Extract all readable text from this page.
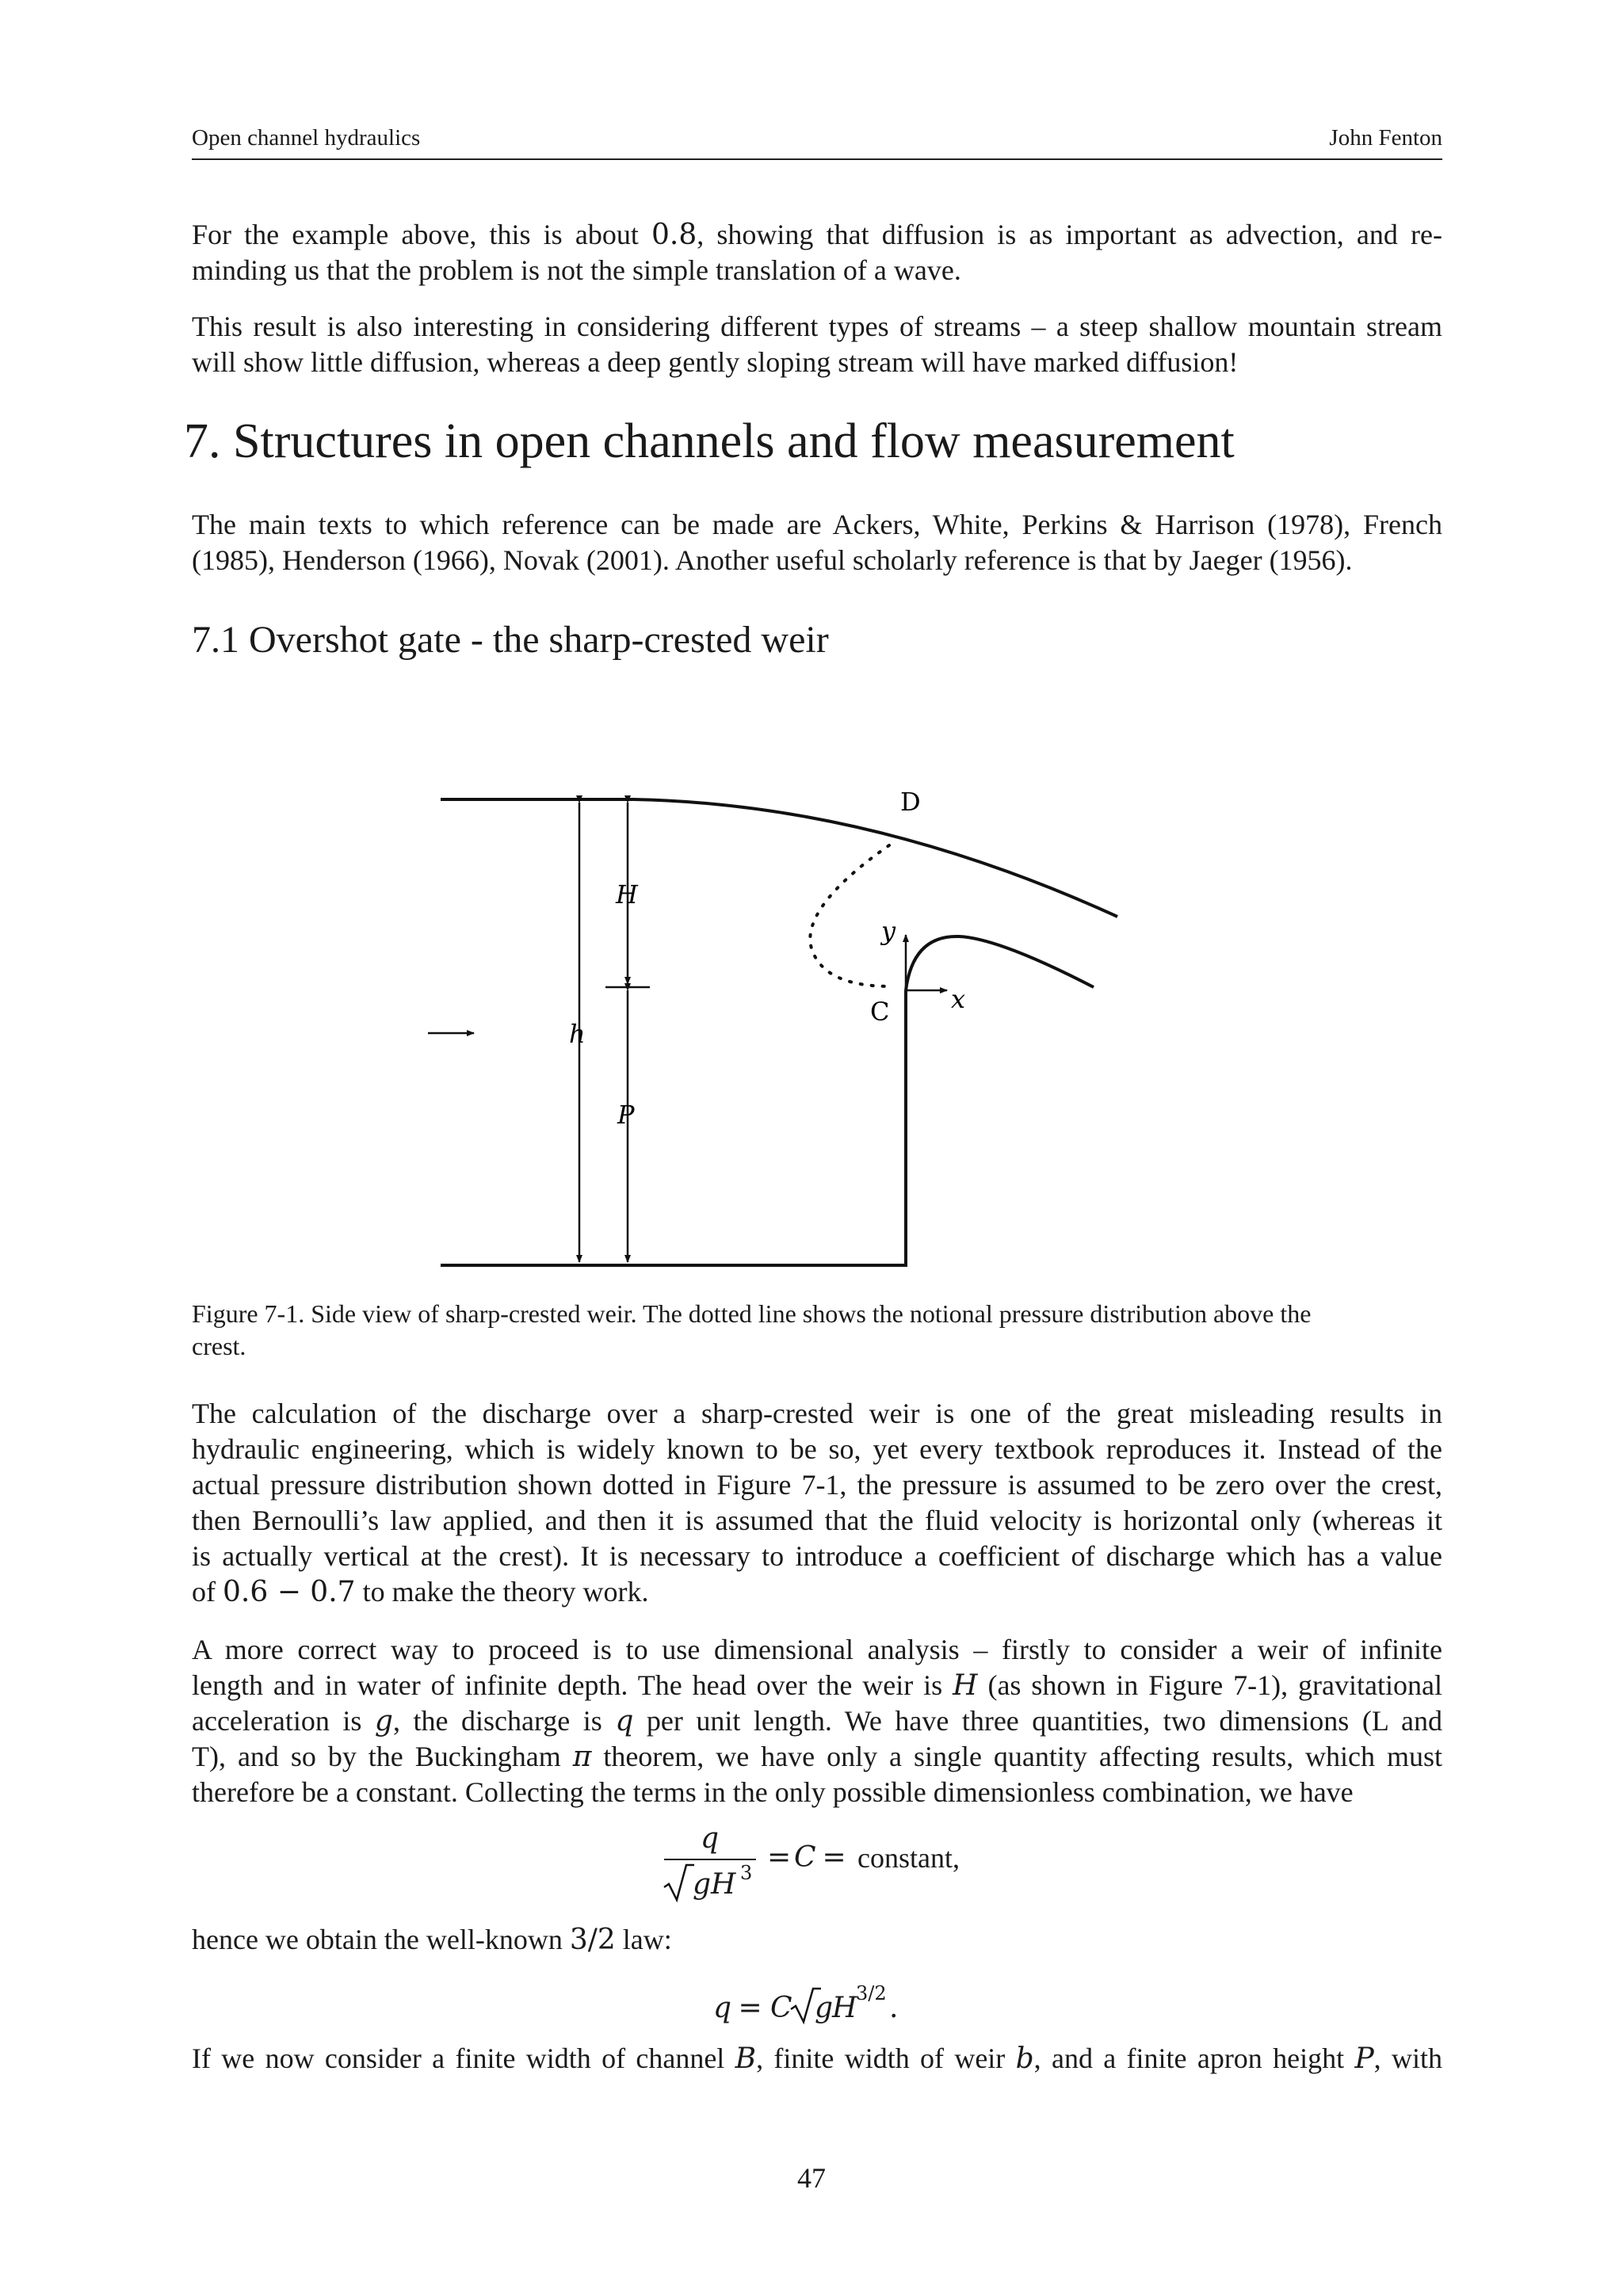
Open channel hydraulics	John Fenton
For the example above, this is about 0.8, showing that diffusion is as important as advection, and re-
minding us that the problem is not the simple translation of a wave.
This result is also interesting in considering different types of streams – a steep shallow mountain stream
will show little diffusion, whereas a deep gently sloping stream will have marked diffusion!
7. Structures in open channels and flow measurement
The main texts to which reference can be made are Ackers, White, Perkins & Harrison (1978), French
(1985), Henderson (1966), Novak (2001). Another useful scholarly reference is that by Jaeger (1956).
7.1 Overshot gate - the sharp-crested weir
D
H
y
C x
h
P
Figure 7-1. Side view of sharp-crested weir. The dotted line shows the notional pressure distribution above the
crest.
The calculation of the discharge over a sharp-crested weir is one of the great misleading results in
hydraulic engineering, which is widely known to be so, yet every textbook reproduces it. Instead of the
actual pressure distribution shown dotted in Figure 7-1, the pressure is assumed to be zero over the crest,
then Bernoulli’s law applied, and then it is assumed that the fluid velocity is horizontal only (whereas it
is actually vertical at the crest). It is necessary to introduce a coefficient of discharge which has a value
of 0.6 − 0.7 to make the theory work.
A more correct way to proceed is to use dimensional analysis – firstly to consider a weir of infinite
length and in water of infinite depth. The head over the weir is H (as shown in Figure 7-1), gravitational
acceleration is g, the discharge is q per unit length. We have three quantities, two dimensions (L and
T), and so by the Buckingham π theorem, we have only a single quantity affecting results, which must
therefore be a constant. Collecting the terms in the only possible dimensionless combination, we have
q
gH 3 =
C
= constant,
hence we obtain the well-known 3/2 law:
q
=
C g
H
3/2 .
If we now consider a finite width of channel B, finite width of weir b, and a finite apron height P, with
47
